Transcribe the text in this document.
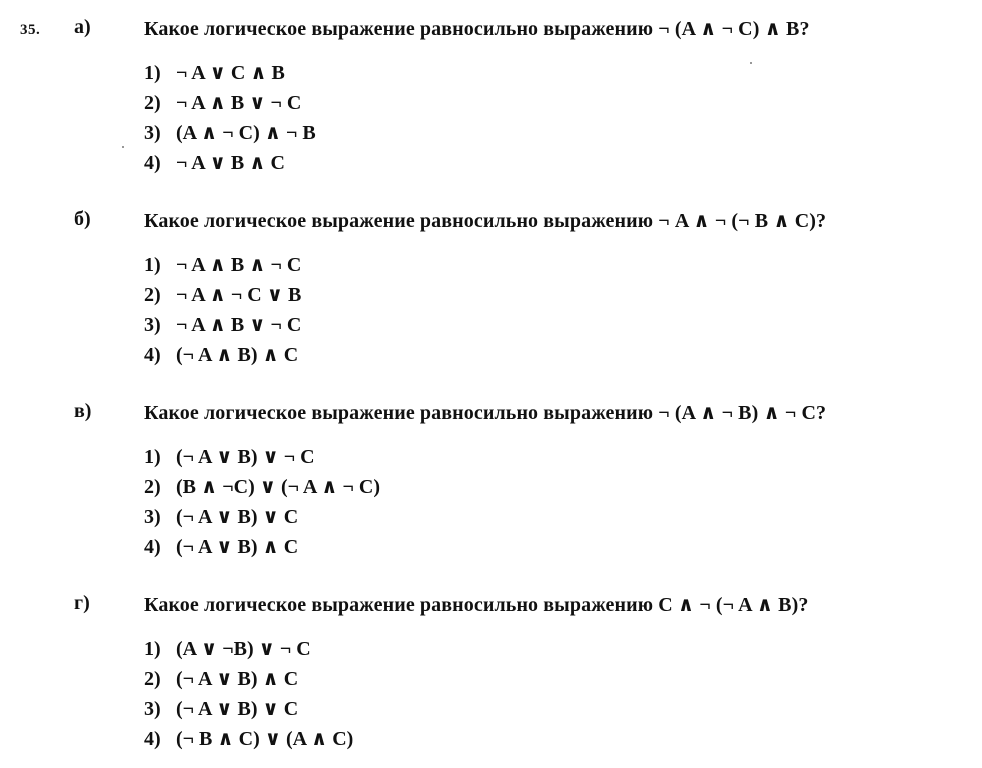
35. а)	Какое логическое выражение равносильно выражению ¬ (A ∧ ¬ C) ∧ B?
1) ¬ A ∨ C ∧ B
2) ¬ A ∧ B ∨ ¬ C
3) (A ∧ ¬ C) ∧ ¬ B
4) ¬ A ∨ B ∧ C
б)	Какое логическое выражение равносильно выражению ¬ A ∧ ¬ (¬ B ∧ C)?
1) ¬ A ∧ B ∧ ¬ C
2) ¬ A ∧ ¬ C ∨ B
3) ¬ A ∧ B ∨ ¬ C
4) (¬ A ∧ B) ∧ C
в)	Какое логическое выражение равносильно выражению ¬ (A ∧ ¬ B) ∧ ¬ C?
1) (¬ A ∨ B) ∨ ¬ C
2) (B ∧ ¬C) ∨ (¬ A ∧ ¬ C)
3) (¬ A ∨ B) ∨ C
4) (¬ A ∨ B) ∧ C
г)	Какое логическое выражение равносильно выражению C ∧ ¬ (¬ A ∧ B)?
1) (A ∨ ¬B) ∨ ¬ C
2) (¬ A ∨ B) ∧ C
3) (¬ A ∨ B) ∨ C
4) (¬ B ∧ C) ∨ (A ∧ C)
